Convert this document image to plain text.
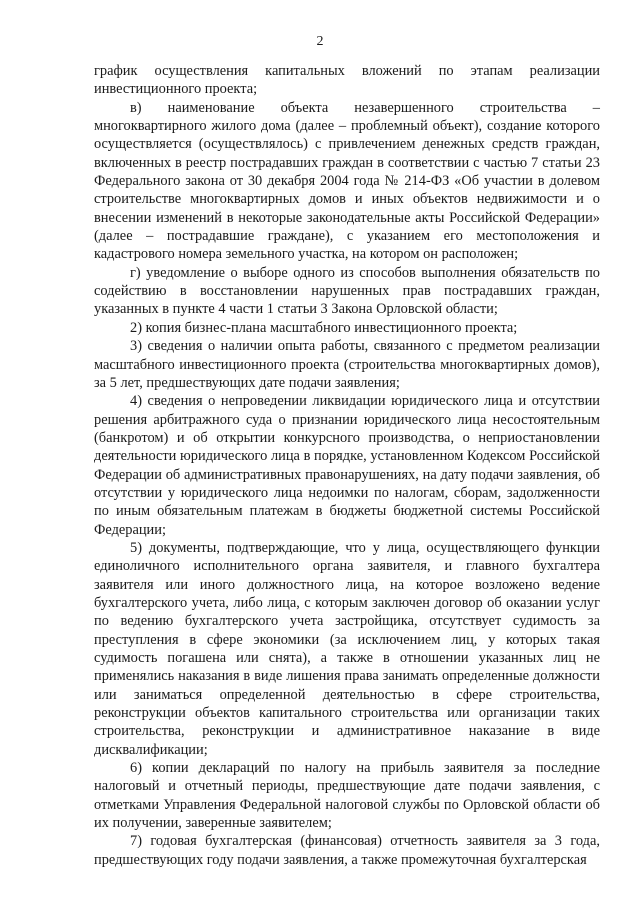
2

график осуществления капитальных вложений по этапам реализации инвестиционного проекта;

в) наименование объекта незавершенного строительства – многоквартирного жилого дома (далее – проблемный объект), создание которого осуществляется (осуществлялось) с привлечением денежных средств граждан, включенных в реестр пострадавших граждан в соответствии с частью 7 статьи 23 Федерального закона от 30 декабря 2004 года № 214-ФЗ «Об участии в долевом строительстве многоквартирных домов и иных объектов недвижимости и о внесении изменений в некоторые законодательные акты Российской Федерации» (далее – пострадавшие граждане), с указанием его местоположения и кадастрового номера земельного участка, на котором он расположен;

г) уведомление о выборе одного из способов выполнения обязательств по содействию в восстановлении нарушенных прав пострадавших граждан, указанных в пункте 4 части 1 статьи 3 Закона Орловской области;

2) копия бизнес-плана масштабного инвестиционного проекта;

3) сведения о наличии опыта работы, связанного с предметом реализации масштабного инвестиционного проекта (строительства многоквартирных домов), за 5 лет, предшествующих дате подачи заявления;

4) сведения о непроведении ликвидации юридического лица и отсутствии решения арбитражного суда о признании юридического лица несостоятельным (банкротом) и об открытии конкурсного производства, о неприостановлении деятельности юридического лица в порядке, установленном Кодексом Российской Федерации об административных правонарушениях, на дату подачи заявления, об отсутствии у юридического лица недоимки по налогам, сборам, задолженности по иным обязательным платежам в бюджеты бюджетной системы Российской Федерации;

5) документы, подтверждающие, что у лица, осуществляющего функции единоличного исполнительного органа заявителя, и главного бухгалтера заявителя или иного должностного лица, на которое возложено ведение бухгалтерского учета, либо лица, с которым заключен договор об оказании услуг по ведению бухгалтерского учета застройщика, отсутствует судимость за преступления в сфере экономики (за исключением лиц, у которых такая судимость погашена или снята), а также в отношении указанных лиц не применялись наказания в виде лишения права занимать определенные должности или заниматься определенной деятельностью в сфере строительства, реконструкции объектов капитального строительства или организации таких строительства, реконструкции и административное наказание в виде дисквалификации;

6) копии деклараций по налогу на прибыль заявителя за последние налоговый и отчетный периоды, предшествующие дате подачи заявления, с отметками Управления Федеральной налоговой службы по Орловской области об их получении, заверенные заявителем;

7) годовая бухгалтерская (финансовая) отчетность заявителя за 3 года, предшествующих году подачи заявления, а также промежуточная бухгалтерская
